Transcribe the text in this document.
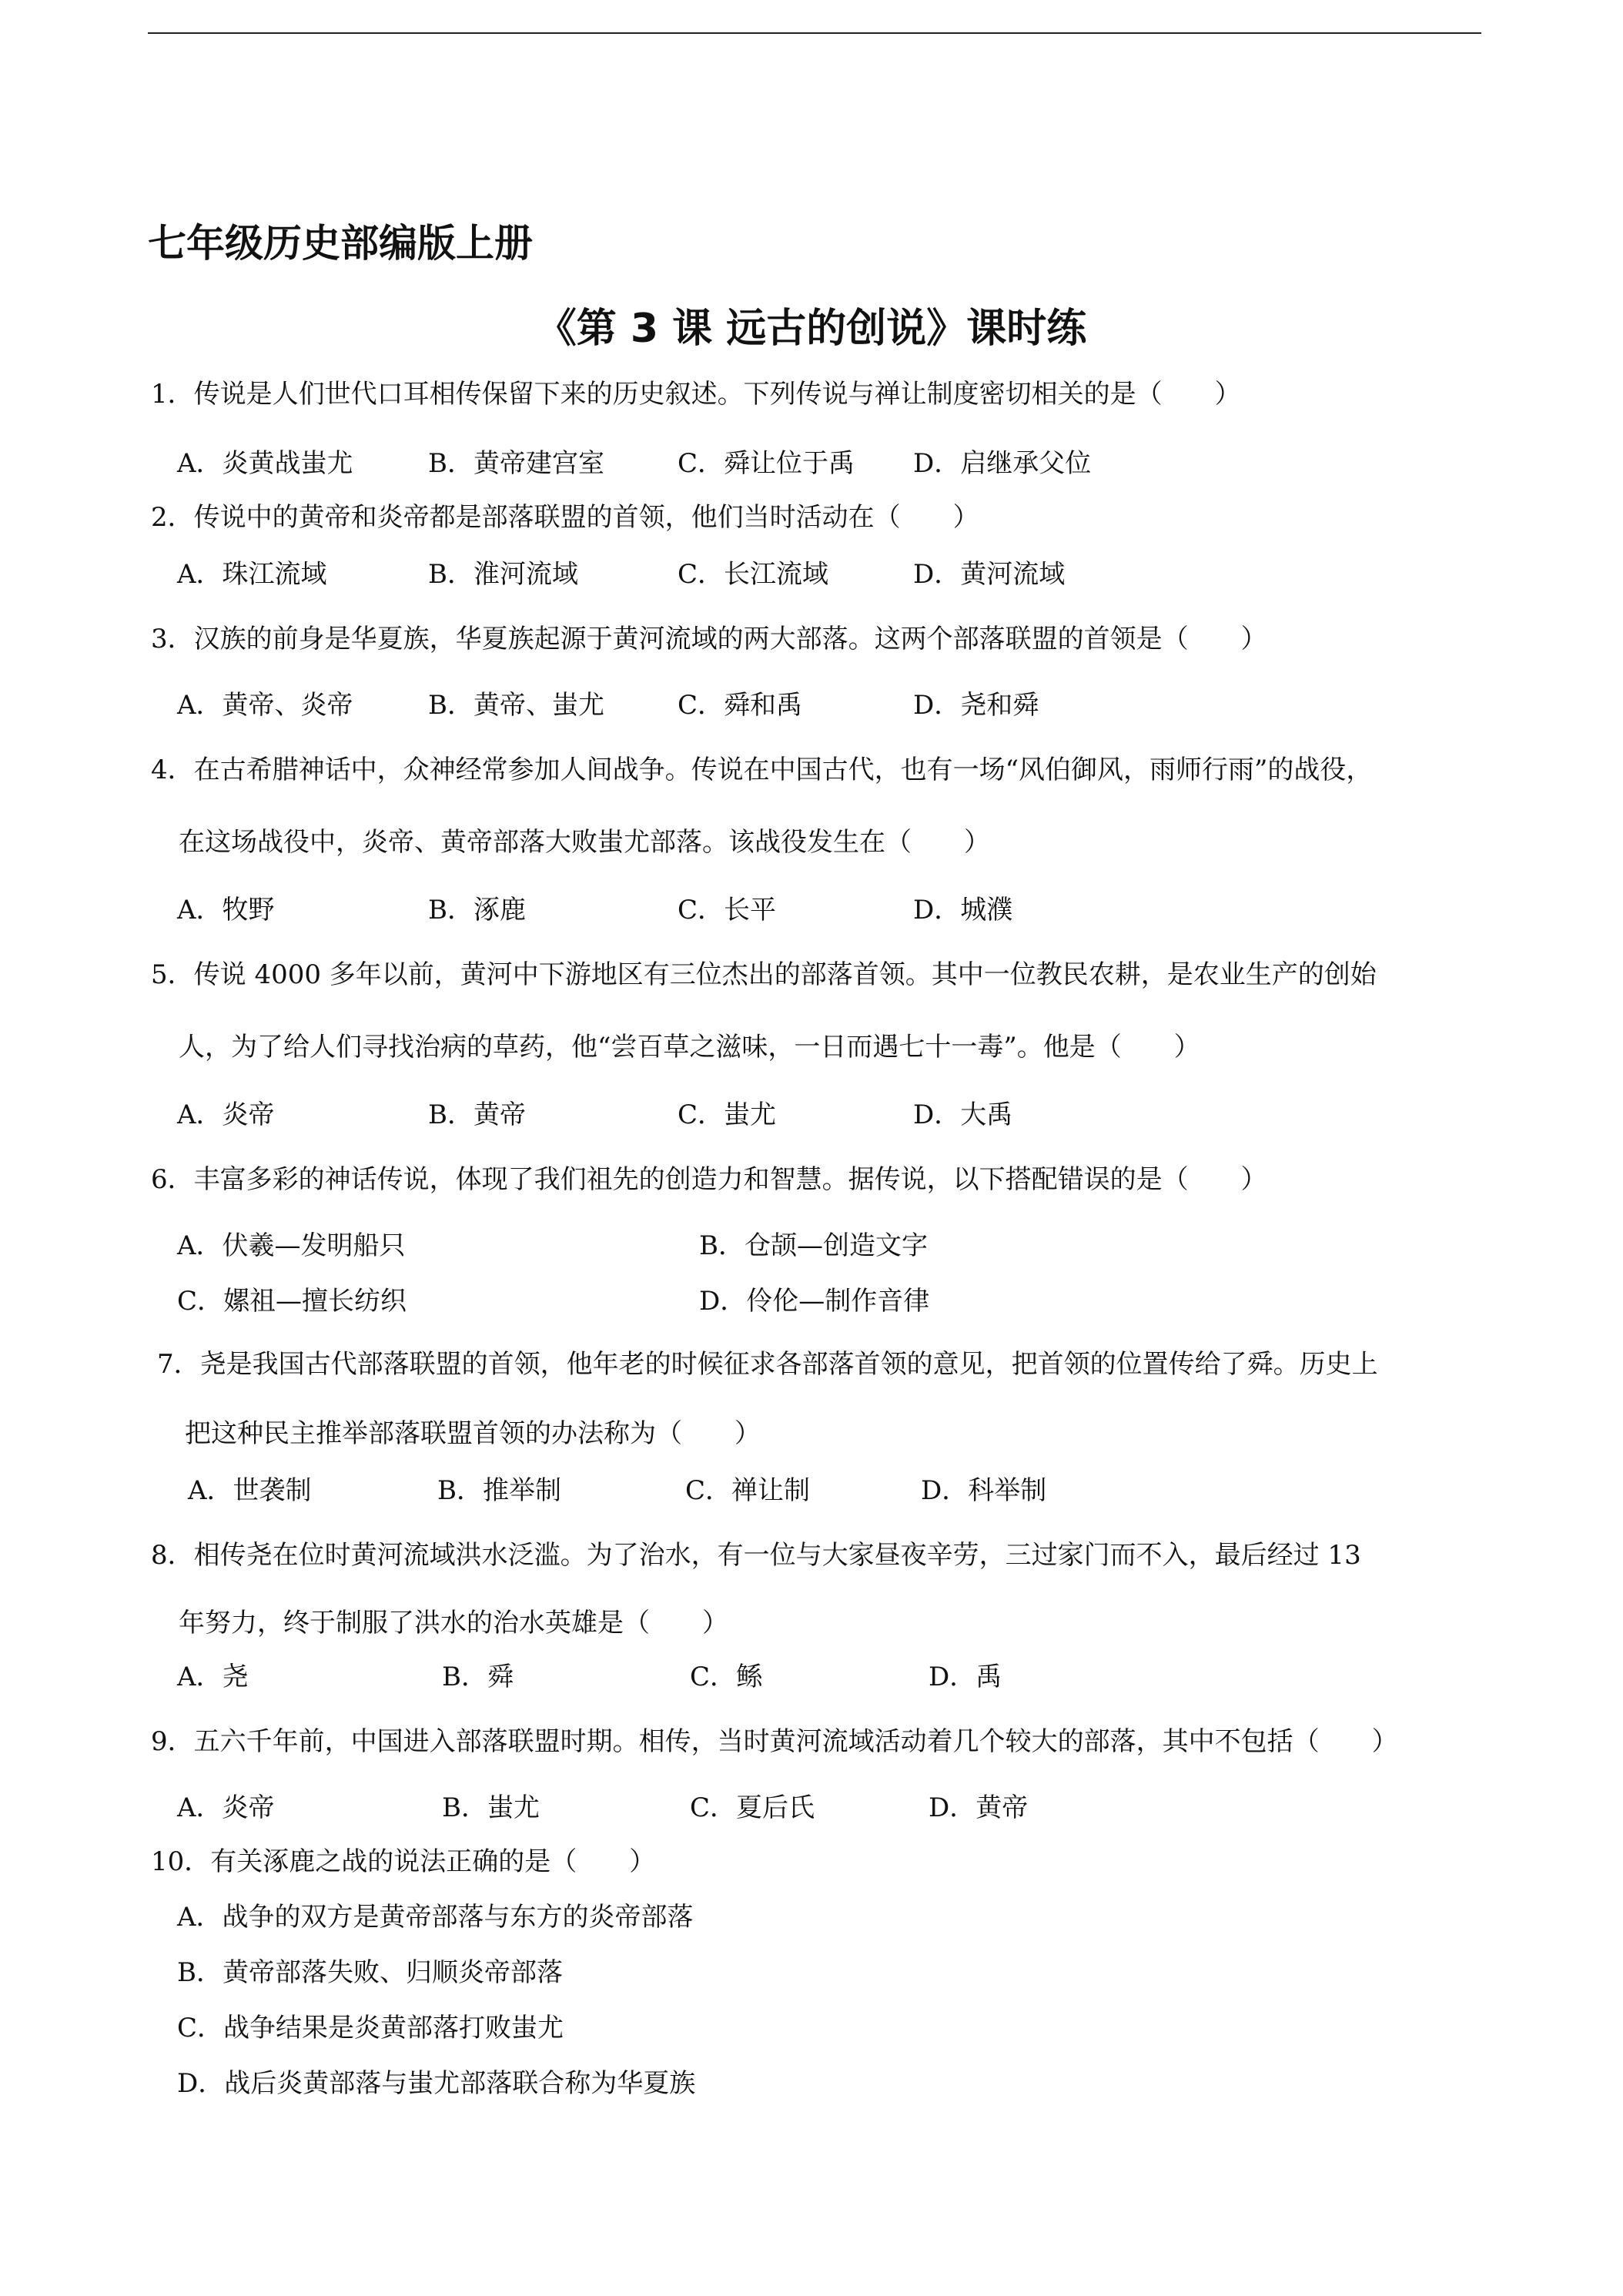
七年级历史部编版上册
《第 3 课 远古的创说》课时练
1．传说是人们世代口耳相传保留下来的历史叙述。下列传说与禅让制度密切相关的是（　　）
A．炎黄战蚩尤	B．黄帝建宫室	C．舜让位于禹 D．启继承父位
2．传说中的黄帝和炎帝都是部落联盟的首领，他们当时活动在（　　）
A．珠江流域	B．淮河流域	C．长江流域	D．黄河流域
3．汉族的前身是华夏族，华夏族起源于黄河流域的两大部落。这两个部落联盟的首领是（　　）
A．黄帝、炎帝	B．黄帝、蚩尤	C．舜和禹	D．尧和舜
4．在古希腊神话中，众神经常参加人间战争。传说在中国古代，也有一场“风伯御风，雨师行雨”的战役，
在这场战役中，炎帝、黄帝部落大败蚩尤部落。该战役发生在（　　）
A．牧野	B．涿鹿	C．长平	D．城濮
5．传说 4000 多年以前，黄河中下游地区有三位杰出的部落首领。其中一位教民农耕，是农业生产的创始
人，为了给人们寻找治病的草药，他“尝百草之滋味，一日而遇七十一毒”。他是（　　）
A．炎帝	B．黄帝	C．蚩尤	D．大禹
6．丰富多彩的神话传说，体现了我们祖先的创造力和智慧。据传说，以下搭配错误的是（　　）
A．伏羲—发明船只	B．仓颉—创造文字
C．嫘祖—擅长纺织	D．伶伦—制作音律
7．尧是我国古代部落联盟的首领，他年老的时候征求各部落首领的意见，把首领的位置传给了舜。历史上
把这种民主推举部落联盟首领的办法称为（　　）
A．世袭制	B．推举制	C．禅让制	D．科举制
8．相传尧在位时黄河流域洪水泛滥。为了治水，有一位与大家昼夜辛劳，三过家门而不入，最后经过 13
年努力，终于制服了洪水的治水英雄是（　　）
A．尧	B．舜	C．鲧	D．禹
9．五六千年前，中国进入部落联盟时期。相传，当时黄河流域活动着几个较大的部落，其中不包括（　　）
A．炎帝	B．蚩尤	C．夏后氏	D．黄帝
10．有关涿鹿之战的说法正确的是（　　）
A．战争的双方是黄帝部落与东方的炎帝部落
B．黄帝部落失败、归顺炎帝部落
C．战争结果是炎黄部落打败蚩尤
D．战后炎黄部落与蚩尤部落联合称为华夏族
